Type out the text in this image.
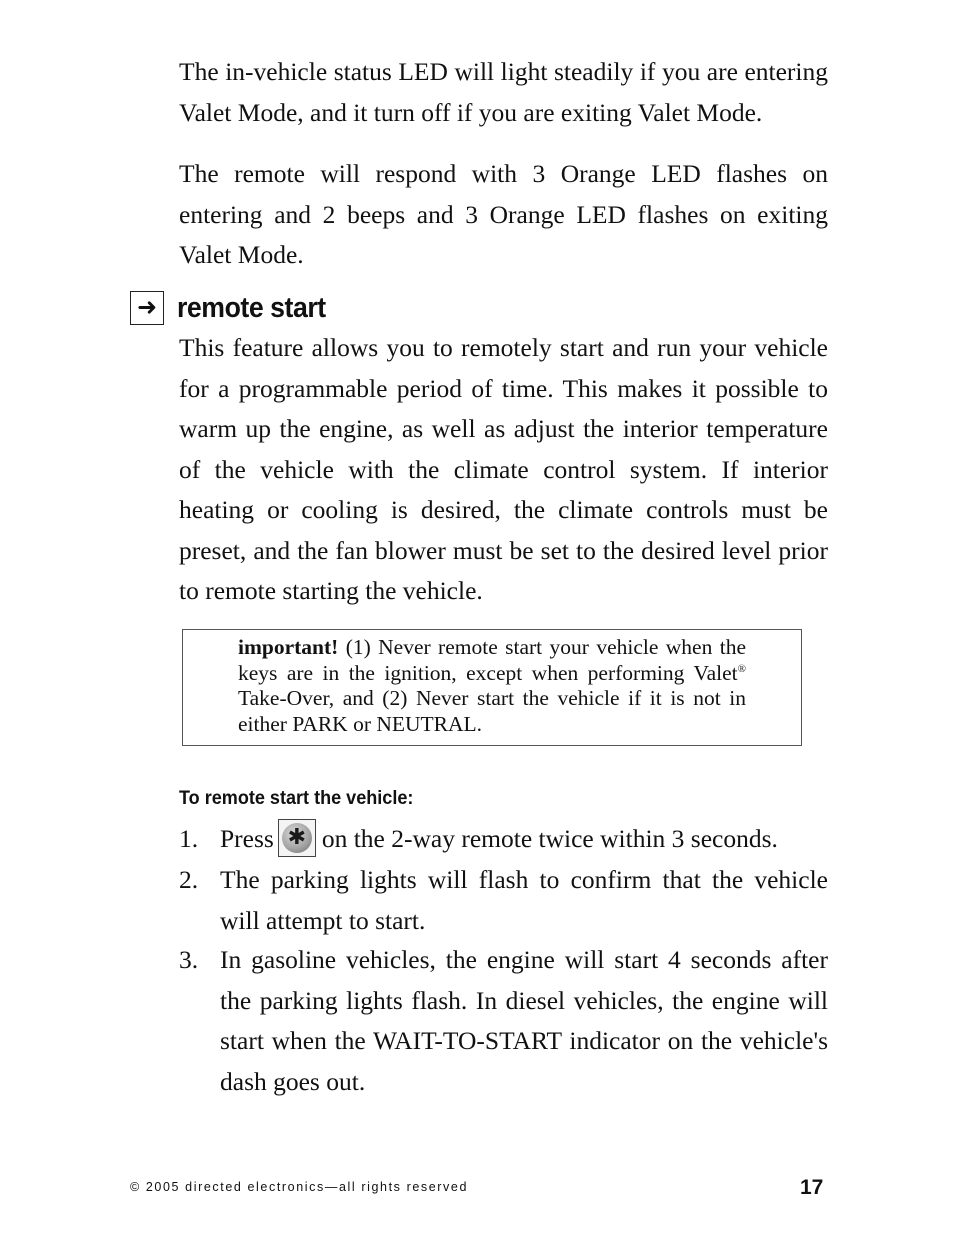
The in-vehicle status LED will light steadily if you are entering Valet Mode, and it turn off if you are exiting Valet Mode.

The remote will respond with 3 Orange LED flashes on entering and 2 beeps and 3 Orange LED flashes on exiting Valet Mode.

➜ remote start

This feature allows you to remotely start and run your vehicle for a programmable period of time. This makes it possible to warm up the engine, as well as adjust the interior temperature of the vehicle with the climate control system. If interior heating or cooling is desired, the climate controls must be preset, and the fan blower must be set to the desired level prior to remote starting the vehicle.

important! (1) Never remote start your vehicle when the keys are in the ignition, except when performing Valet® Take-Over, and (2) Never start the vehicle if it is not in either PARK or NEUTRAL.

To remote start the vehicle:
1. Press ✱ on the 2-way remote twice within 3 seconds.

2. The parking lights will flash to confirm that the vehicle will attempt to start.

3. In gasoline vehicles, the engine will start 4 seconds after the parking lights flash. In diesel vehicles, the engine will start when the WAIT-TO-START indicator on the vehicle's dash goes out.

© 2005 directed electronics—all rights reserved	17
